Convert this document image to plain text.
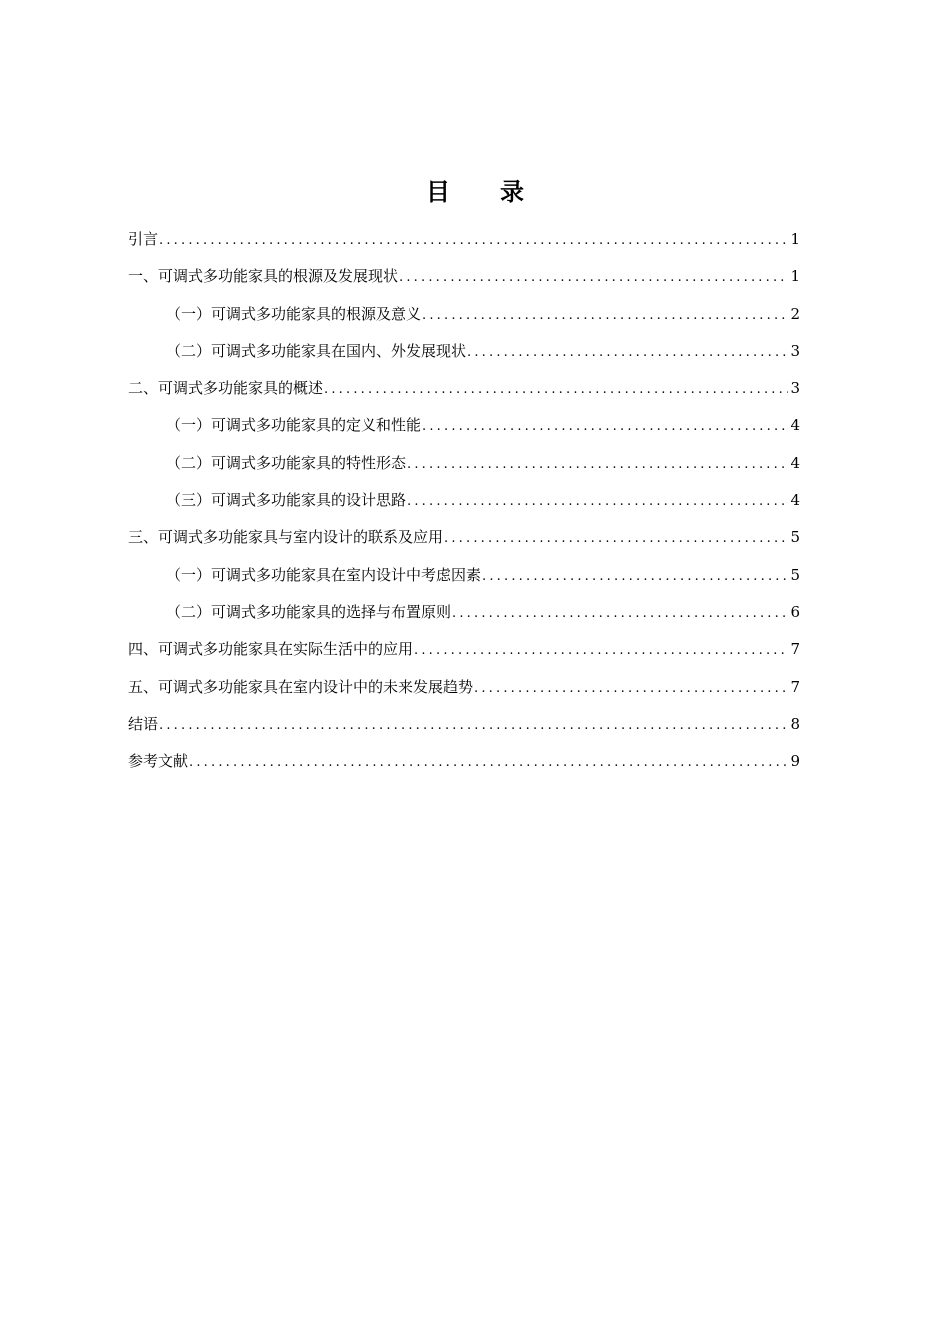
目 录
引言 .....	1
一、可调式多功能家具的根源及发展现状 .....	1
（一）可调式多功能家具的根源及意义 .....	2
（二）可调式多功能家具在国内、外发展现状 .....	3
二、可调式多功能家具的概述 .....	3
（一）可调式多功能家具的定义和性能 .....	4
（二）可调式多功能家具的特性形态 .....	4
（三）可调式多功能家具的设计思路 .....	4
三、可调式多功能家具与室内设计的联系及应用 .....	5
（一）可调式多功能家具在室内设计中考虑因素 .....	5
（二）可调式多功能家具的选择与布置原则 .....	6
四、可调式多功能家具在实际生活中的应用 .....	7
五、可调式多功能家具在室内设计中的未来发展趋势 .....	7
结语 .....	8
参考文献 .....	9
